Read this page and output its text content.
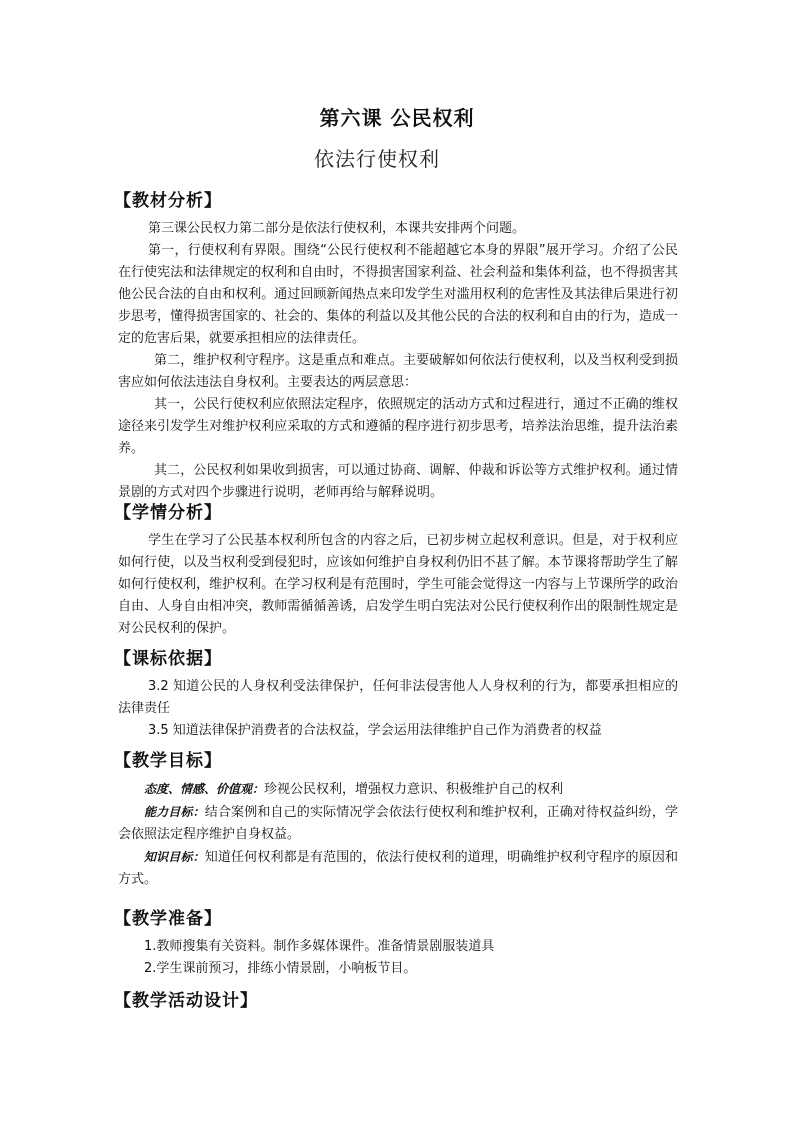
第六课 公民权利
依法行使权利
【教材分析】

第三课公民权力第二部分是依法行使权利，本课共安排两个问题。

第一，行使权利有界限。围绕“公民行使权利不能超越它本身的界限”展开学习。介绍了公民在行使宪法和法律规定的权利和自由时，不得损害国家利益、社会利益和集体利益，也不得损害其他公民合法的自由和权利。通过回顾新闻热点来印发学生对滥用权利的危害性及其法律后果进行初步思考，懂得损害国家的、社会的、集体的利益以及其他公民的合法的权利和自由的行为，造成一定的危害后果，就要承担相应的法律责任。

第二，维护权利守程序。这是重点和难点。主要破解如何依法行使权利，以及当权利受到损害应如何依法违法自身权利。主要表达的两层意思：

其一，公民行使权利应依照法定程序，依照规定的活动方式和过程进行，通过不正确的维权途径来引发学生对维护权利应采取的方式和遵循的程序进行初步思考，培养法治思维，提升法治素养。

其二，公民权利如果收到损害，可以通过协商、调解、仲裁和诉讼等方式维护权利。通过情景剧的方式对四个步骤进行说明，老师再给与解释说明。

【学情分析】

学生在学习了公民基本权利所包含的内容之后，已初步树立起权利意识。但是，对于权利应如何行使，以及当权利受到侵犯时，应该如何维护自身权利仍旧不甚了解。本节课将帮助学生了解如何行使权利，维护权利。在学习权利是有范围时，学生可能会觉得这一内容与上节课所学的政治自由、人身自由相冲突，教师需循循善诱，启发学生明白宪法对公民行使权利作出的限制性规定是对公民权利的保护。

【课标依据】

3.2 知道公民的人身权利受法律保护，任何非法侵害他人人身权利的行为，都要承担相应的法律责任

3.5 知道法律保护消费者的合法权益，学会运用法律维护自己作为消费者的权益

【教学目标】

态度、情感、价值观：珍视公民权利，增强权力意识、积极维护自己的权利

能力目标：结合案例和自己的实际情况学会依法行使权利和维护权利，正确对待权益纠纷，学会依照法定程序维护自身权益。

知识目标：知道任何权利都是有范围的，依法行使权利的道理，明确维护权利守程序的原因和方式。

【教学准备】

1.教师搜集有关资料。制作多媒体课件。准备情景剧服装道具

2.学生课前预习，排练小情景剧，小响板节目。

【教学活动设计】
